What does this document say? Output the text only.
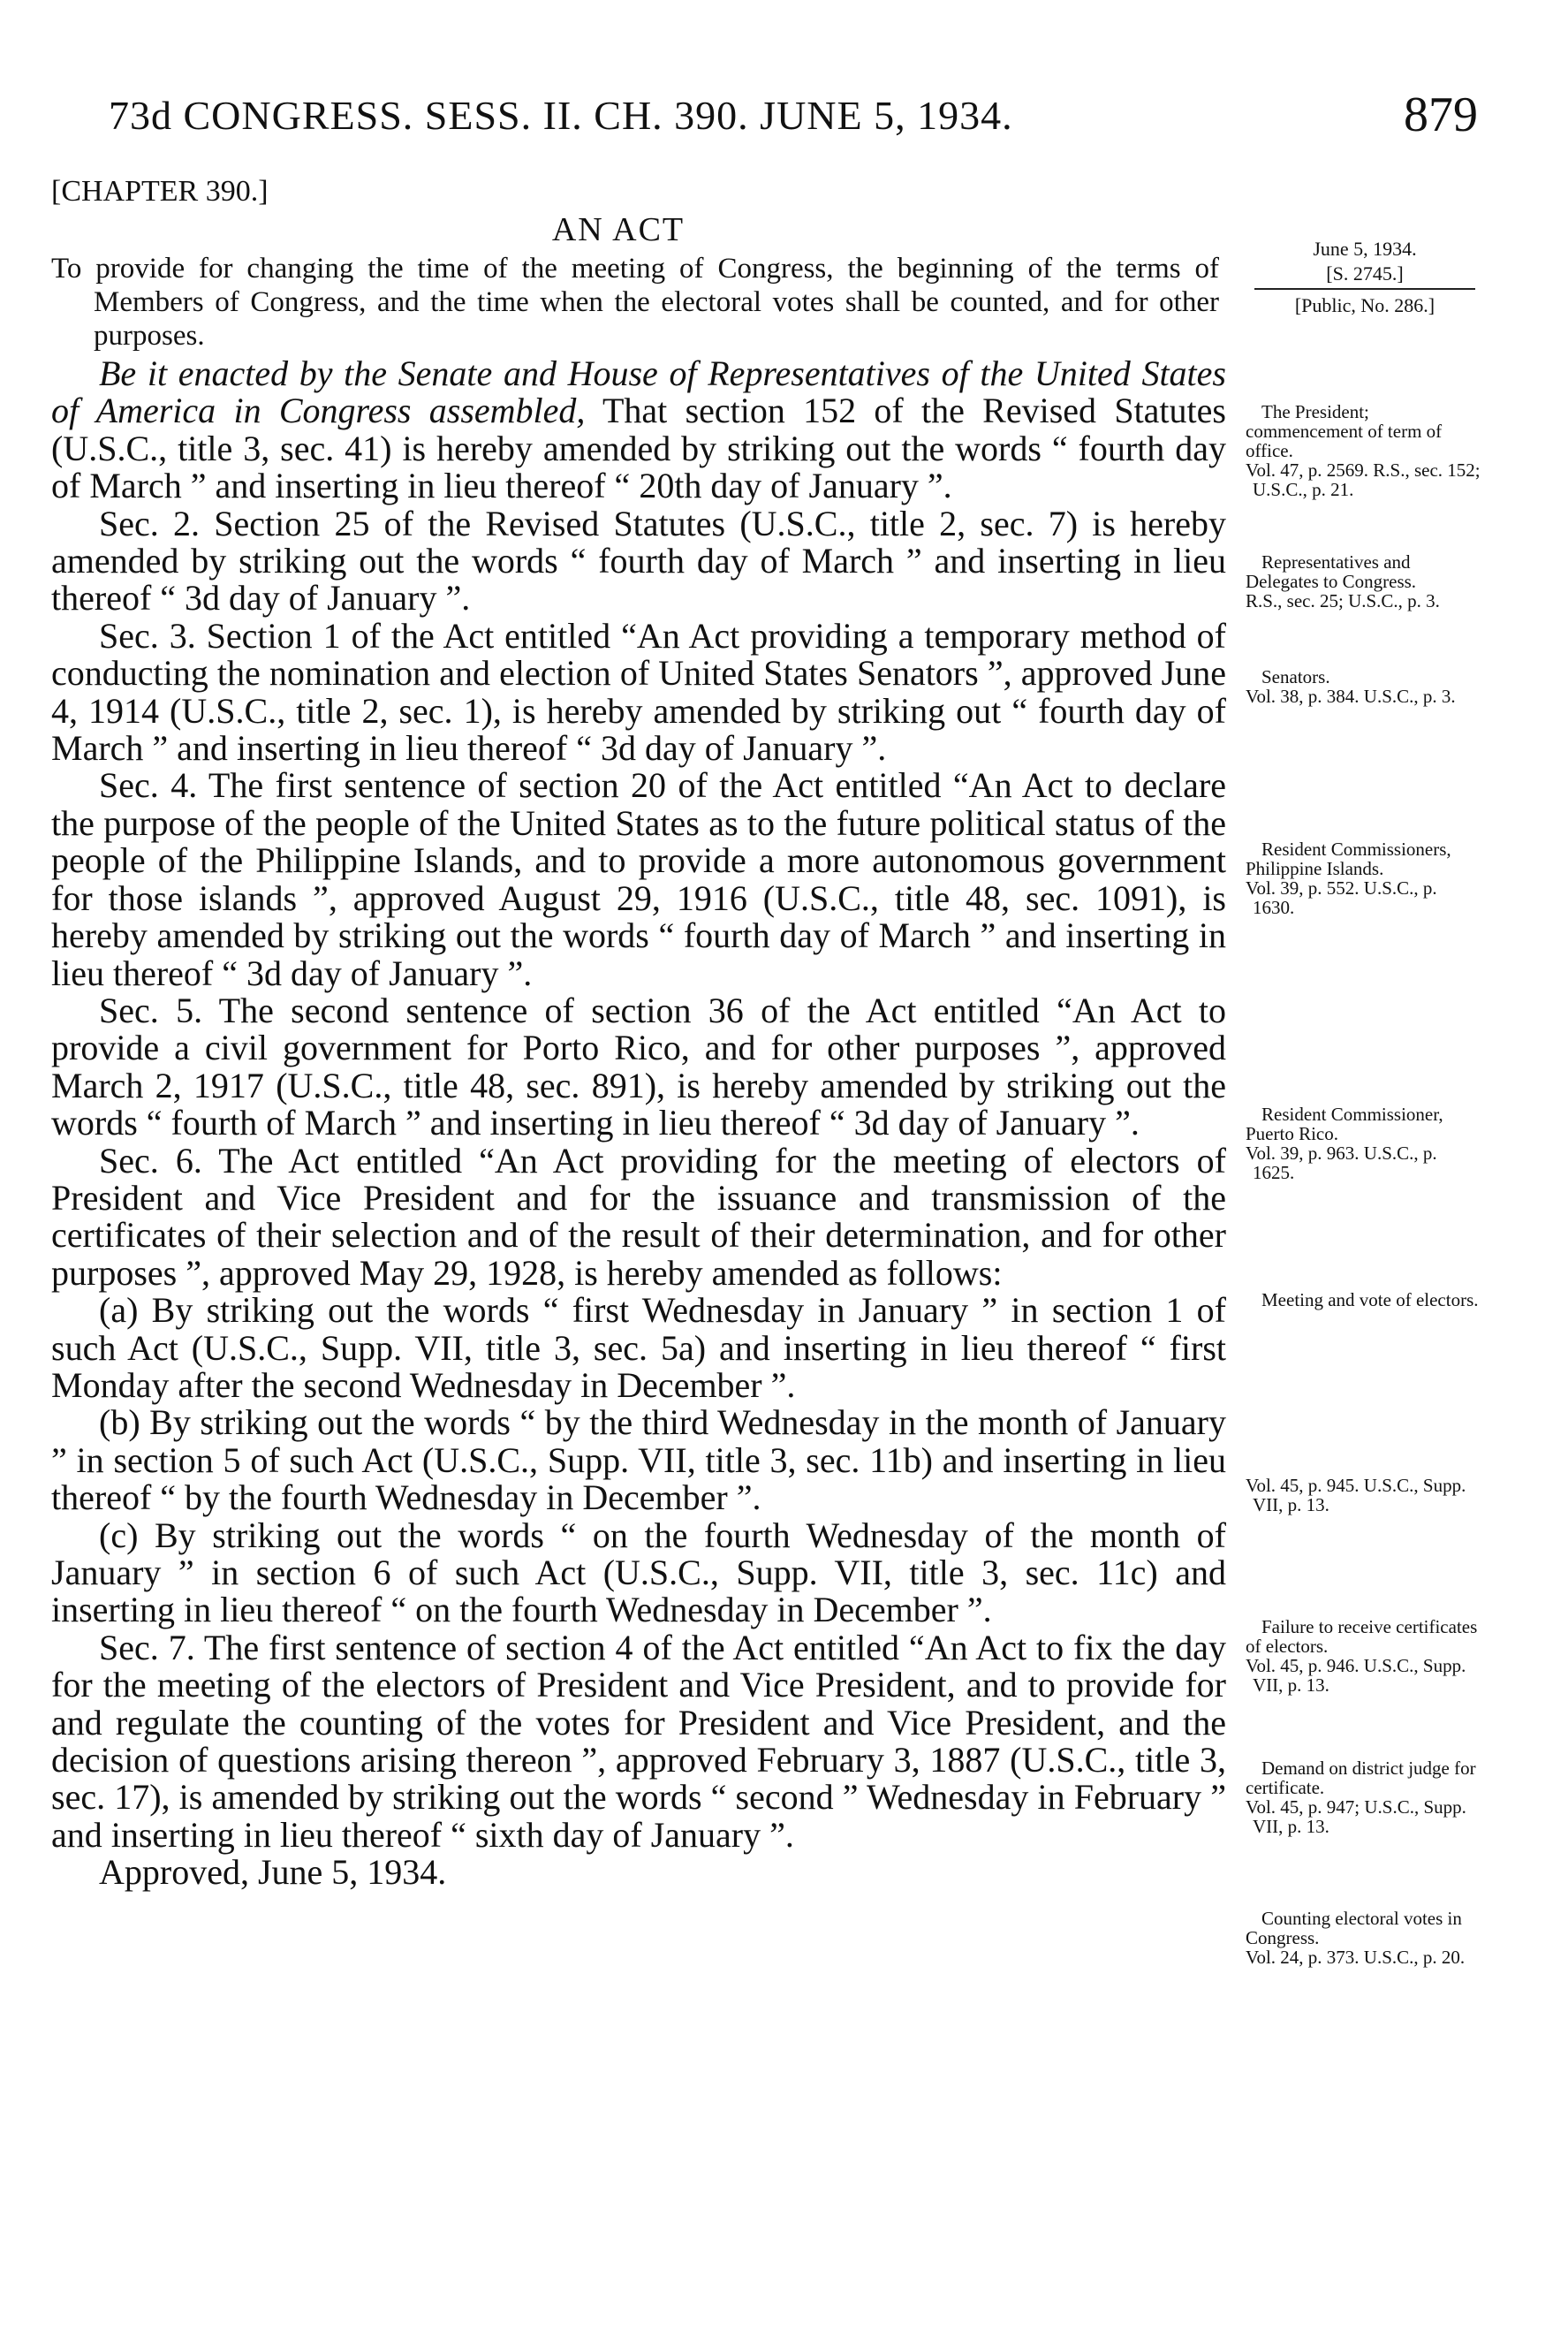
73d CONGRESS. SESS. II. CH. 390. JUNE 5, 1934.	879
[CHAPTER 390.]
AN ACT
To provide for changing the time of the meeting of Congress, the beginning of the terms of Members of Congress, and the time when the electoral votes shall be counted, and for other purposes.
June 5, 1934.
[S. 2745.]
[Public, No. 286.]

Be it enacted by the Senate and House of Representatives of the United States of America in Congress assembled, That section 152 of the Revised Statutes (U.S.C., title 3, sec. 41) is hereby amended by striking out the words “ fourth day of March ” and inserting in lieu thereof “ 20th day of January ”.

Sec. 2. Section 25 of the Revised Statutes (U.S.C., title 2, sec. 7) is hereby amended by striking out the words “ fourth day of March ” and inserting in lieu thereof “ 3d day of January ”.

Sec. 3. Section 1 of the Act entitled “An Act providing a temporary method of conducting the nomination and election of United States Senators ”, approved June 4, 1914 (U.S.C., title 2, sec. 1), is hereby amended by striking out “ fourth day of March ” and inserting in lieu thereof “ 3d day of January ”.

Sec. 4. The first sentence of section 20 of the Act entitled “An Act to declare the purpose of the people of the United States as to the future political status of the people of the Philippine Islands, and to provide a more autonomous government for those islands ”, approved August 29, 1916 (U.S.C., title 48, sec. 1091), is hereby amended by striking out the words “ fourth day of March ” and inserting in lieu thereof “ 3d day of January ”.

Sec. 5. The second sentence of section 36 of the Act entitled “An Act to provide a civil government for Porto Rico, and for other purposes ”, approved March 2, 1917 (U.S.C., title 48, sec. 891), is hereby amended by striking out the words “ fourth of March ” and inserting in lieu thereof “ 3d day of January ”.

Sec. 6. The Act entitled “An Act providing for the meeting of electors of President and Vice President and for the issuance and transmission of the certificates of their selection and of the result of their determination, and for other purposes ”, approved May 29, 1928, is hereby amended as follows:

(a) By striking out the words “ first Wednesday in January ” in section 1 of such Act (U.S.C., Supp. VII, title 3, sec. 5a) and inserting in lieu thereof “ first Monday after the second Wednesday in December ”.

(b) By striking out the words “ by the third Wednesday in the month of January ” in section 5 of such Act (U.S.C., Supp. VII, title 3, sec. 11b) and inserting in lieu thereof “ by the fourth Wednesday in December ”.

(c) By striking out the words “ on the fourth Wednesday of the month of January ” in section 6 of such Act (U.S.C., Supp. VII, title 3, sec. 11c) and inserting in lieu thereof “ on the fourth Wednesday in December ”.

Sec. 7. The first sentence of section 4 of the Act entitled “An Act to fix the day for the meeting of the electors of President and Vice President, and to provide for and regulate the counting of the votes for President and Vice President, and the decision of questions arising thereon ”, approved February 3, 1887 (U.S.C., title 3, sec. 17), is amended by striking out the words “ second ” Wednesday in February ” and inserting in lieu thereof “ sixth day of January ”.

Approved, June 5, 1934.

The President; commencement of term of office.
Vol. 47, p. 2569. R.S., sec. 152; U.S.C., p. 21.
Representatives and Delegates to Congress.
R.S., sec. 25; U.S.C., p. 3.
Senators.
Vol. 38, p. 384. U.S.C., p. 3.
Resident Commissioners, Philippine Islands.
Vol. 39, p. 552. U.S.C., p. 1630.
Resident Commissioner, Puerto Rico.
Vol. 39, p. 963. U.S.C., p. 1625.
Meeting and vote of electors.
Vol. 45, p. 945. U.S.C., Supp. VII, p. 13.
Failure to receive certificates of electors.
Vol. 45, p. 946. U.S.C., Supp. VII, p. 13.
Demand on district judge for certificate.
Vol. 45, p. 947; U.S.C., Supp. VII, p. 13.
Counting electoral votes in Congress.
Vol. 24, p. 373. U.S.C., p. 20.
